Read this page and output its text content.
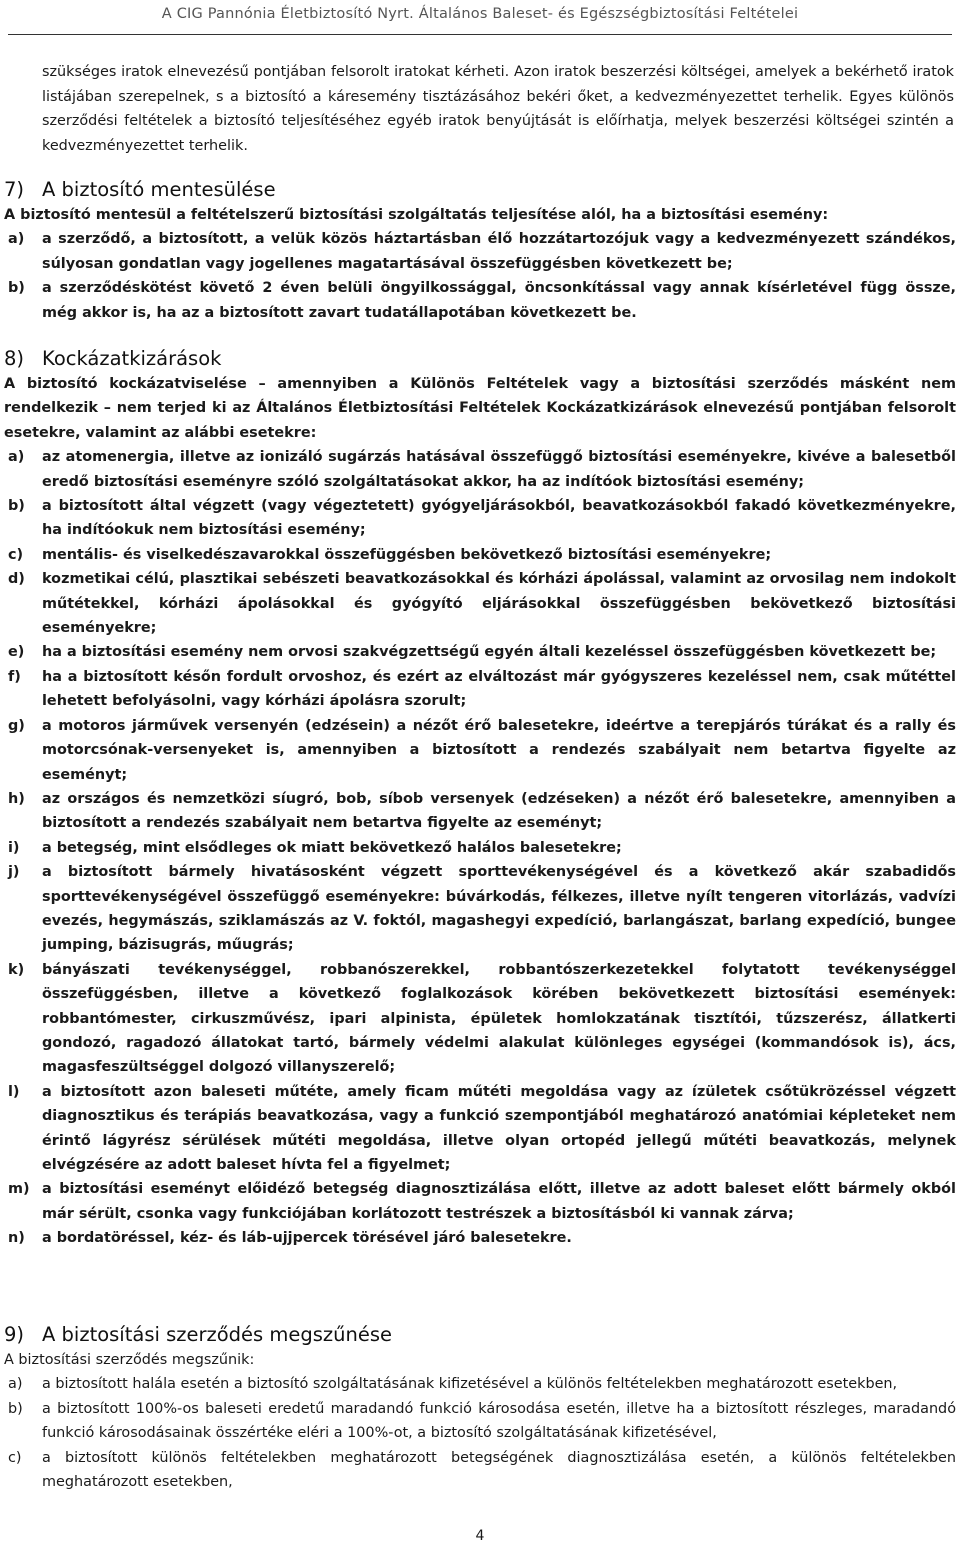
A CIG Pannónia Életbiztosító Nyrt. Általános Baleset- és Egészségbiztosítási Feltételei
szükséges iratok elnevezésű pontjában felsorolt iratokat kérheti. Azon iratok beszerzési költségei, amelyek a bekérhető iratok listájában szerepelnek, s a biztosító a káresemény tisztázásához bekéri őket, a kedvezményezettet terhelik. Egyes különös szerződési feltételek a biztosító teljesítéséhez egyéb iratok benyújtását is előírhatja, melyek beszerzési költségei szintén a kedvezményezettet terhelik.
7) A biztosító mentesülése
A biztosító mentesül a feltételszerű biztosítási szolgáltatás teljesítése alól, ha a biztosítási esemény:
a)	a szerződő, a biztosított, a velük közös háztartásban élő hozzátartozójuk vagy a kedvezményezett szándékos, súlyosan gondatlan vagy jogellenes magatartásával összefüggésben következett be;
b)	a szerződéskötést követő 2 éven belüli öngyilkossággal, öncsonkítással vagy annak kísérletével függ össze, még akkor is, ha az a biztosított zavart tudatállapotában következett be.
8) Kockázatkizárások
A biztosító kockázatviselése – amennyiben a Különös Feltételek vagy a biztosítási szerződés másként nem rendelkezik – nem terjed ki az Általános Életbiztosítási Feltételek Kockázatkizárások elnevezésű pontjában felsorolt esetekre, valamint az alábbi esetekre:
a)	az atomenergia, illetve az ionizáló sugárzás hatásával összefüggő biztosítási eseményekre, kivéve a balesetből eredő biztosítási eseményre szóló szolgáltatásokat akkor, ha az indítóok biztosítási esemény;
b)	a biztosított által végzett (vagy végeztetett) gyógyeljárásokból, beavatkozásokból fakadó következményekre, ha indítóokuk nem biztosítási esemény;
c)	mentális- és viselkedészavarokkal összefüggésben bekövetkező biztosítási eseményekre;
d)	kozmetikai célú, plasztikai sebészeti beavatkozásokkal és kórházi ápolással, valamint az orvosilag nem indokolt műtétekkel, kórházi ápolásokkal és gyógyító eljárásokkal összefüggésben bekövetkező biztosítási eseményekre;
e)	ha a biztosítási esemény nem orvosi szakvégzettségű egyén általi kezeléssel összefüggésben következett be;
f)	ha a biztosított későn fordult orvoshoz, és ezért az elváltozást már gyógyszeres kezeléssel nem, csak műtéttel lehetett befolyásolni, vagy kórházi ápolásra szorult;
g)	a motoros járművek versenyén (edzésein) a nézőt érő balesetekre, ideértve a terepjárós túrákat és a rally és motorcsónak-versenyeket is, amennyiben a biztosított a rendezés szabályait nem betartva figyelte az eseményt;
h)	az országos és nemzetközi síugró, bob, síbob versenyek (edzéseken) a nézőt érő balesetekre, amennyiben a biztosított a rendezés szabályait nem betartva figyelte az eseményt;
i)	a betegség, mint elsődleges ok miatt bekövetkező halálos balesetekre;
j)	a biztosított bármely hivatásosként végzett sporttevékenységével és a következő akár szabadidős sporttevékenységével összefüggő eseményekre: búvárkodás, félkezes, illetve nyílt tengeren vitorlázás, vadvízi evezés, hegymászás, sziklamászás az V. foktól, magashegyi expedíció, barlangászat, barlang expedíció, bungee jumping, bázisugrás, műugrás;
k)	bányászati tevékenységgel, robbanószerekkel, robbantószerkezetekkel folytatott tevékenységgel összefüggésben, illetve a következő foglalkozások körében bekövetkezett biztosítási események: robbantómester, cirkuszművész, ipari alpinista, épületek homlokzatának tisztítói, tűzszerész, állatkerti gondozó, ragadozó állatokat tartó, bármely védelmi alakulat különleges egységei (kommandósok is), ács, magasfeszültséggel dolgozó villanyszerelő;
l)	a biztosított azon baleseti műtéte, amely ficam műtéti megoldása vagy az ízületek csőtükrözéssel végzett diagnosztikus és terápiás beavatkozása, vagy a funkció szempontjából meghatározó anatómiai képleteket nem érintő lágyrész sérülések műtéti megoldása, illetve olyan ortopéd jellegű műtéti beavatkozás, melynek elvégzésére az adott baleset hívta fel a figyelmet;
m) a biztosítási eseményt előidéző betegség diagnosztizálása előtt, illetve az adott baleset előtt bármely okból már sérült, csonka vagy funkciójában korlátozott testrészek a biztosításból ki vannak zárva;
n)	a bordatöréssel, kéz- és láb-ujjpercek törésével járó balesetekre.
9) A biztosítási szerződés megszűnése
A biztosítási szerződés megszűnik:
a)	a biztosított halála esetén a biztosító szolgáltatásának kifizetésével a különös feltételekben meghatározott esetekben,
b)	a biztosított 100%-os baleseti eredetű maradandó funkció károsodása esetén, illetve ha a biztosított részleges, maradandó funkció károsodásainak összértéke eléri a 100%-ot, a biztosító szolgáltatásának kifizetésével,
c)	a biztosított különös feltételekben meghatározott betegségének diagnosztizálása esetén, a különös feltételekben meghatározott esetekben,
4
